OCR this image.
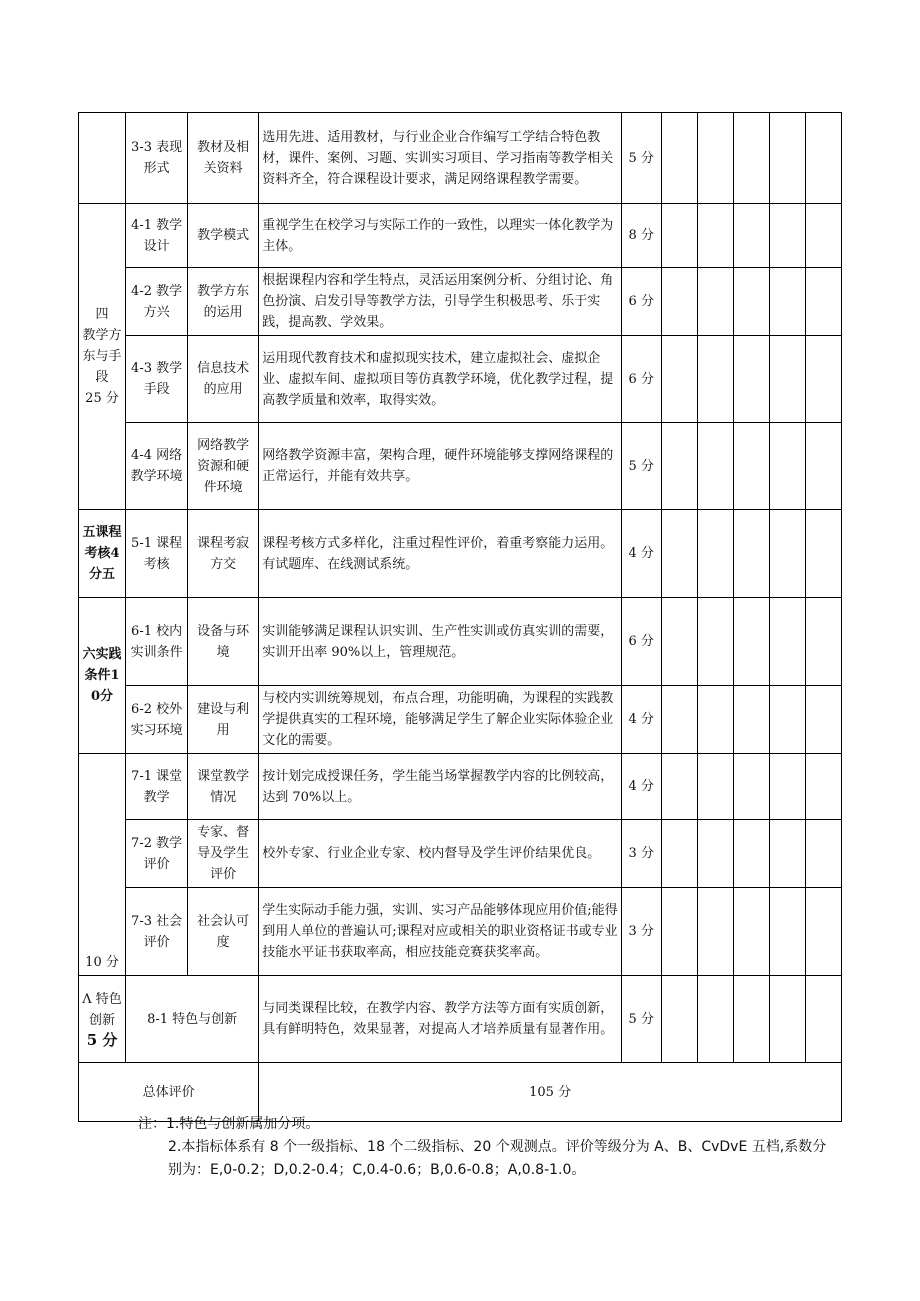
	3-3 表现形式	教材及相关资料	选用先进、适用教材，与行业企业合作编写工学结合特色教材，课件、案例、习题、实训实习项目、学习指南等教学相关资料齐全，符合课程设计要求，满足网络课程教学需要。	5 分					

四
教学方东与手段
25 分	4-1 教学设计	教学模式	重视学生在校学习与实际工作的一致性，以理实一体化教学为主体。	8 分					
	4-2 教学方兴	教学方东的运用	根据课程内容和学生特点，灵活运用案例分析、分组讨论、角色扮演、启发引导等教学方法，引导学生积极思考、乐于实践，提高教、学效果。	6 分					
	4-3 教学手段	信息技术的应用	运用现代教育技术和虚拟现实技术，建立虚拟社会、虚拟企业、虚拟车间、虚拟项目等仿真教学环境，优化教学过程，提高教学质量和效率，取得实效。	6 分					
	4-4 网络教学环境	网络教学资源和硬件环境	网络教学资源丰富，架构合理，硬件环境能够支撑网络课程的正常运行，并能有效共享。	5 分					
五课程考核4分五	5-1 课程考核	课程考寂方交	课程考核方式多样化，注重过程性评价，着重考察能力运用。有试题库、在线测试系统。	4 分					
六实践条件10分	6-1 校内实训条件	设备与环境	实训能够满足课程认识实训、生产性实训或仿真实训的需要，实训开出率 90%以上，管理规范。	6 分					
	6-2 校外实习环境	建设与利用	与校内实训统筹规划，布点合理，功能明确，为课程的实践教学提供真实的工程环境，能够满足学生了解企业实际体验企业文化的需要。	4 分					

10 分	7-1 课堂教学	课堂教学情况	按计划完成授课任务，学生能当场掌握教学内容的比例较高，达到 70%以上。	4 分					
	7-2 教学评价	专家、督导及学生评价	校外专家、行业企业专家、校内督导及学生评价结果优良。	3 分					
	7-3 社会评价	社会认可度	学生实际动手能力强，实训、实习产品能够体现应用价值;能得到用人单位的普遍认可;课程对应或相关的职业资格证书或专业技能水平证书获取率高，相应技能竞赛获奖率高。	3 分					

Λ 特色创新
5 分	8-1 特色与创新		与同类课程比较，在教学内容、教学方法等方面有实质创新，具有鲜明特色，效果显著，对提高人才培养质量有显著作用。	5 分					
总体评价			105 分						

注：1.特色与创新属加分项。

2.本指标体系有 8 个一级指标、18 个二级指标、20 个观测点。评价等级分为 A、B、CvDvE 五档,系数分别为：E,0-0.2；D,0.2-0.4；C,0.4-0.6；B,0.6-0.8；A,0.8-1.0。
